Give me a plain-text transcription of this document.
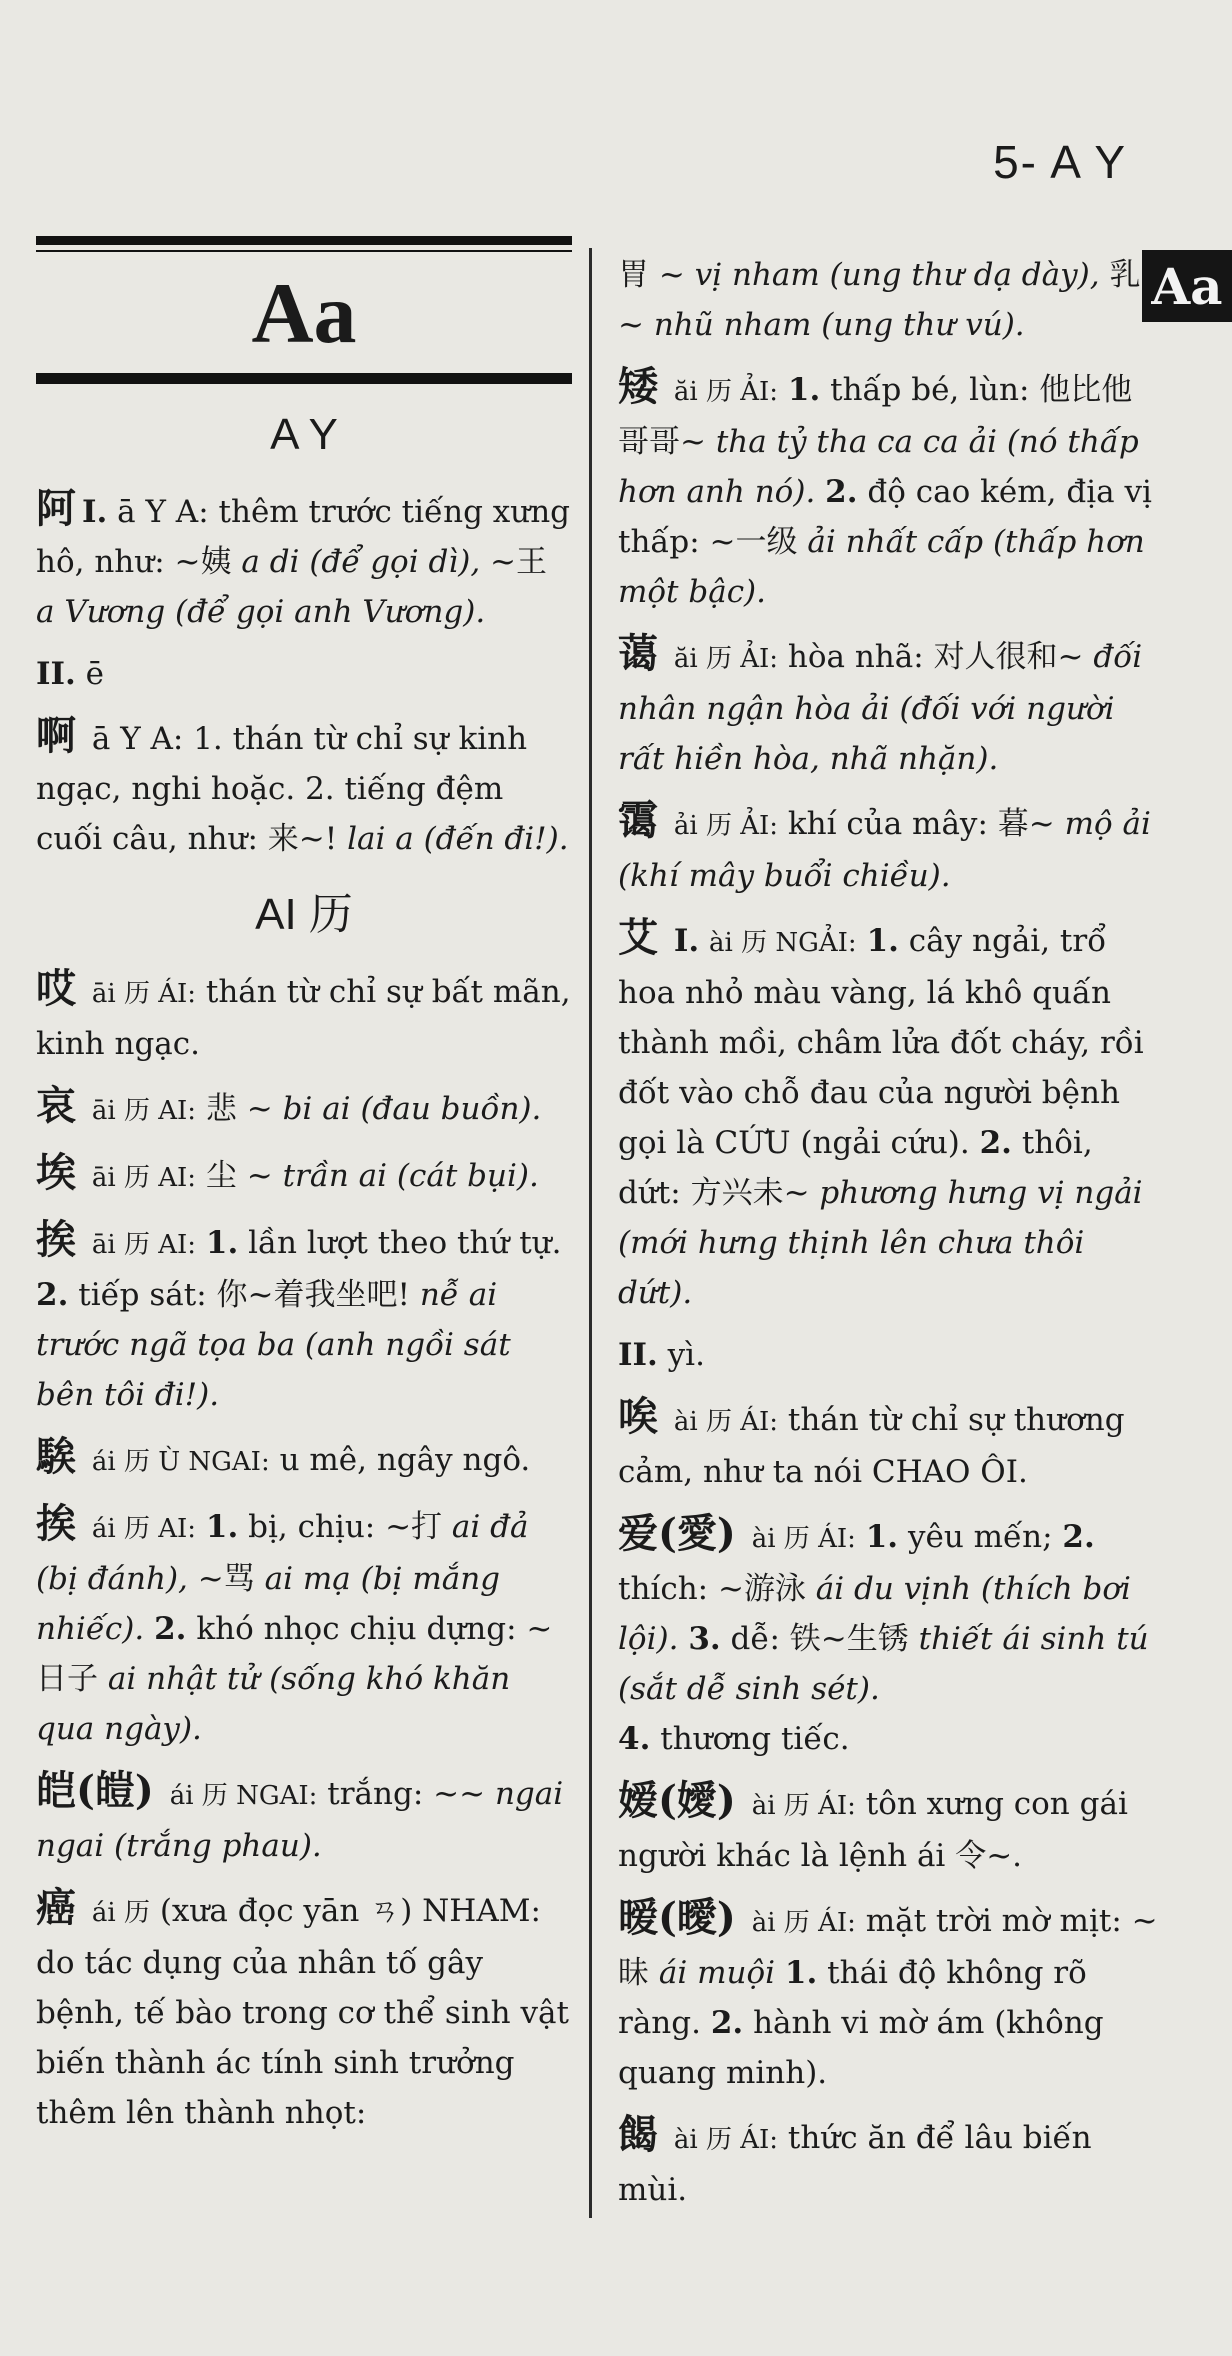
5- A Y
Aa
Aa
A Y
阿 I. ā Y A: thêm trước tiếng xưng hô, như: ~姨 a di (để gọi dì), ~王 a Vương (để gọi anh Vương).
II. ē
啊 ā Y A: 1. thán từ chỉ sự kinh ngạc, nghi hoặc. 2. tiếng đệm cuối câu, như: 来~! lai a (đến đi!).
AI 历
哎 āi 历 ÁI: thán từ chỉ sự bất mãn, kinh ngạc.
哀 āi 历 AI: 悲 ~ bi ai (đau buồn).
埃 āi 历 AI: 尘 ~ trần ai (cát bụi).
挨 āi 历 AI: 1. lần lượt theo thứ tự. 2. tiếp sát: 你~着我坐吧! nễ ai trước ngã tọa ba (anh ngồi sát bên tôi đi!).
騃 ái 历 Ù NGAI: u mê, ngây ngô.
挨 ái 历 AI: 1. bị, chịu: ~打 ai đả (bị đánh), ~骂 ai mạ (bị mắng nhiếc). 2. khó nhọc chịu dựng: ~日子 ai nhật tử (sống khó khăn qua ngày).
皑(皚) ái 历 NGAI: trắng: ~~ ngai ngai (trắng phau).
癌 ái 历 (xưa đọc yān ㄢ) NHAM: do tác dụng của nhân tố gây bệnh, tế bào trong cơ thể sinh vật biến thành ác tính sinh trưởng thêm lên thành nhọt:
胃 ~ vị nham (ung thư dạ dày), 乳 ~ nhũ nham (ung thư vú).
矮 ăi 历 ẢI: 1. thấp bé, lùn: 他比他哥哥~ tha tỷ tha ca ca ải (nó thấp hơn anh nó). 2. độ cao kém, địa vị thấp: ~一级 ải nhất cấp (thấp hơn một bậc).
蔼 ăi 历 ẢI: hòa nhã: 对人很和~ đối nhân ngận hòa ải (đối với người rất hiền hòa, nhã nhặn).
霭 ải 历 ẢI: khí của mây: 暮~ mộ ải (khí mây buổi chiều).
艾 I. ài 历 NGẢI: 1. cây ngải, trổ hoa nhỏ màu vàng, lá khô quấn thành mồi, châm lửa đốt cháy, rồi đốt vào chỗ đau của người bệnh gọi là CỨU (ngải cứu). 2. thôi, dứt: 方兴未~ phương hưng vị ngải (mới hưng thịnh lên chưa thôi dứt).
II. yì.
唉 ài 历 ÁI: thán từ chỉ sự thương cảm, như ta nói CHAO ÔI.
爱(愛) ài 历 ÁI: 1. yêu mến; 2. thích: ~游泳 ái du vịnh (thích bơi lội). 3. dễ: 铁~生锈 thiết ái sinh tú (sắt dễ sinh sét).
4. thương tiếc.
嫒(嬡) ài 历 ÁI: tôn xưng con gái người khác là lệnh ái 令~.
暧(曖) ài 历 ÁI: mặt trời mờ mịt: ~昧 ái muội 1. thái độ không rõ ràng. 2. hành vi mờ ám (không quang minh).
餲 ài 历 ÁI: thức ăn để lâu biến mùi.
